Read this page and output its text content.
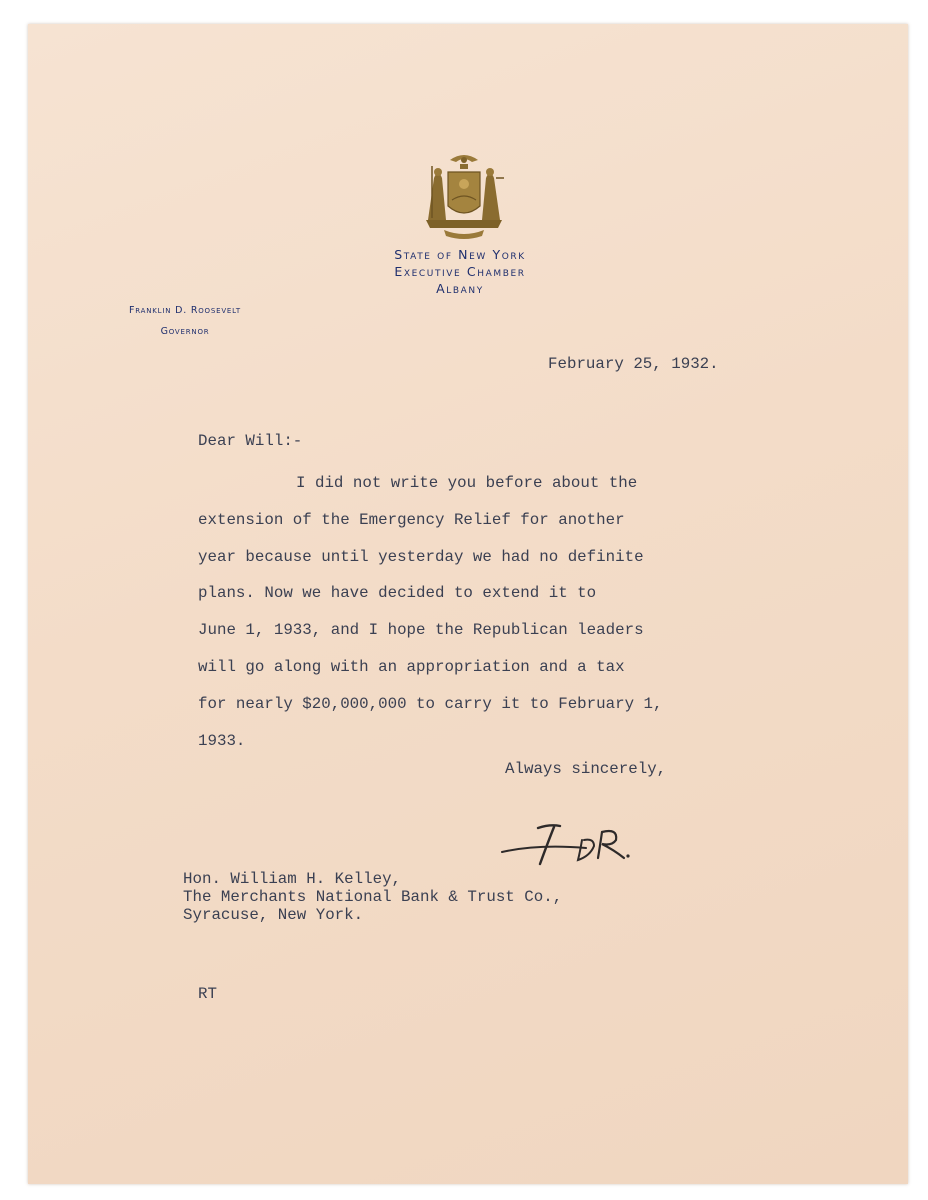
State of New York
Executive Chamber
Albany
Franklin D. Roosevelt
Governor
February 25, 1932.
Dear Will:-
I did not write you before about the
extension of the Emergency Relief for another
year because until yesterday we had no definite
plans. Now we have decided to extend it to
June 1, 1933, and I hope the Republican leaders
will go along with an appropriation and a tax
for nearly $20,000,000 to carry it to February 1,
1933.
Always sincerely,
Hon. William H. Kelley,
The Merchants National Bank & Trust Co.,
Syracuse, New York.
RT
